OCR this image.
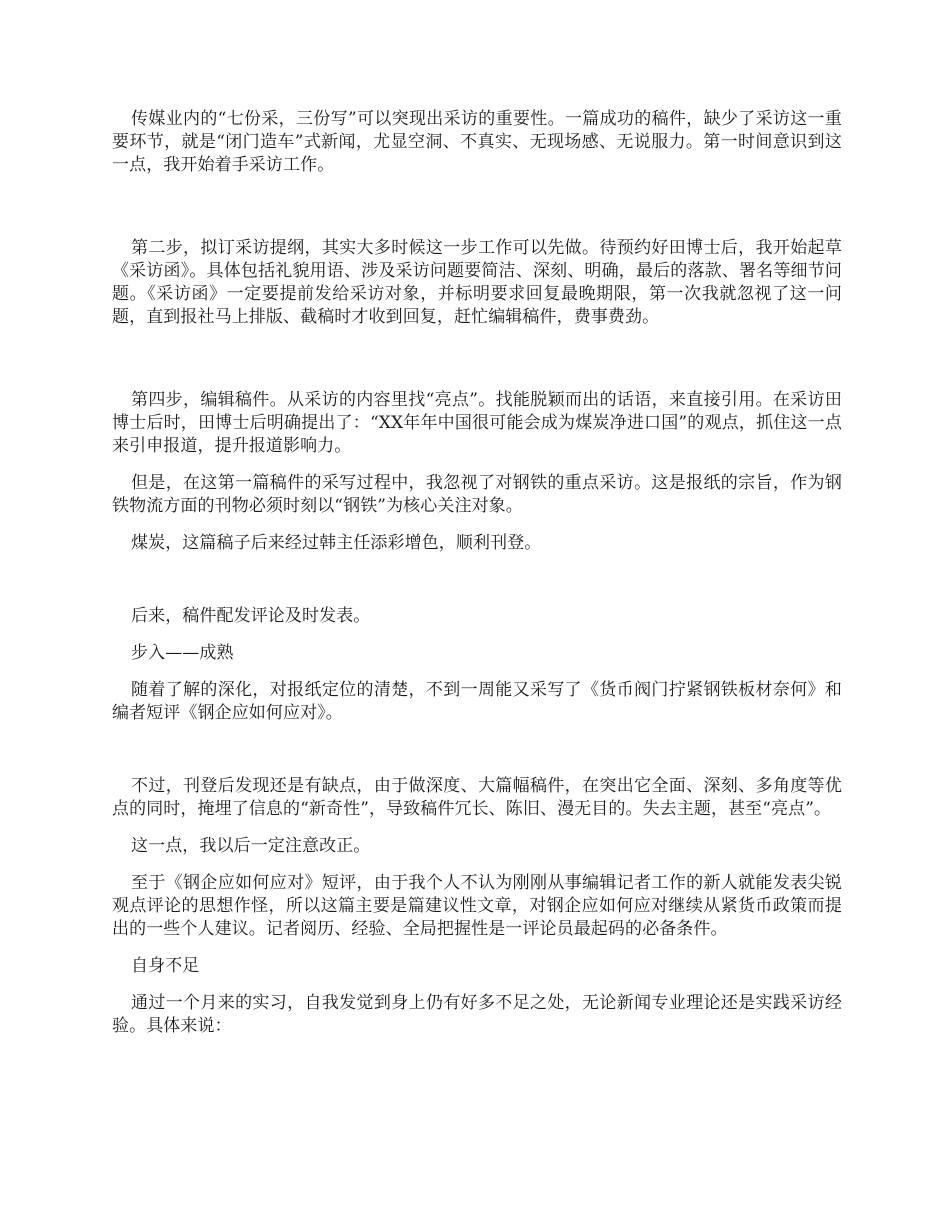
传媒业内的“七份采，三份写”可以突现出采访的重要性。一篇成功的稿件，缺少了采访这一重要环节，就是“闭门造车”式新闻，尤显空洞、不真实、无现场感、无说服力。第一时间意识到这一点，我开始着手采访工作。

第二步，拟订采访提纲，其实大多时候这一步工作可以先做。待预约好田博士后，我开始起草《采访函》。具体包括礼貌用语、涉及采访问题要简洁、深刻、明确，最后的落款、署名等细节问题。《采访函》一定要提前发给采访对象，并标明要求回复最晚期限，第一次我就忽视了这一问题，直到报社马上排版、截稿时才收到回复，赶忙编辑稿件，费事费劲。

第四步，编辑稿件。从采访的内容里找“亮点”。找能脱颖而出的话语，来直接引用。在采访田博士后时，田博士后明确提出了：“XX年年中国很可能会成为煤炭净进口国”的观点，抓住这一点来引申报道，提升报道影响力。

但是，在这第一篇稿件的采写过程中，我忽视了对钢铁的重点采访。这是报纸的宗旨，作为钢铁物流方面的刊物必须时刻以“钢铁”为核心关注对象。

煤炭，这篇稿子后来经过韩主任添彩增色，顺利刊登。

后来，稿件配发评论及时发表。

步入——成熟

随着了解的深化，对报纸定位的清楚，不到一周能又采写了《货币阀门拧紧钢铁板材奈何》和编者短评《钢企应如何应对》。

不过，刊登后发现还是有缺点，由于做深度、大篇幅稿件，在突出它全面、深刻、多角度等优点的同时，掩埋了信息的“新奇性”，导致稿件冗长、陈旧、漫无目的。失去主题，甚至“亮点”。

这一点，我以后一定注意改正。

至于《钢企应如何应对》短评，由于我个人不认为刚刚从事编辑记者工作的新人就能发表尖锐观点评论的思想作怪，所以这篇主要是篇建议性文章，对钢企应如何应对继续从紧货币政策而提出的一些个人建议。记者阅历、经验、全局把握性是一评论员最起码的必备条件。

自身不足

通过一个月来的实习，自我发觉到身上仍有好多不足之处，无论新闻专业理论还是实践采访经验。具体来说：
